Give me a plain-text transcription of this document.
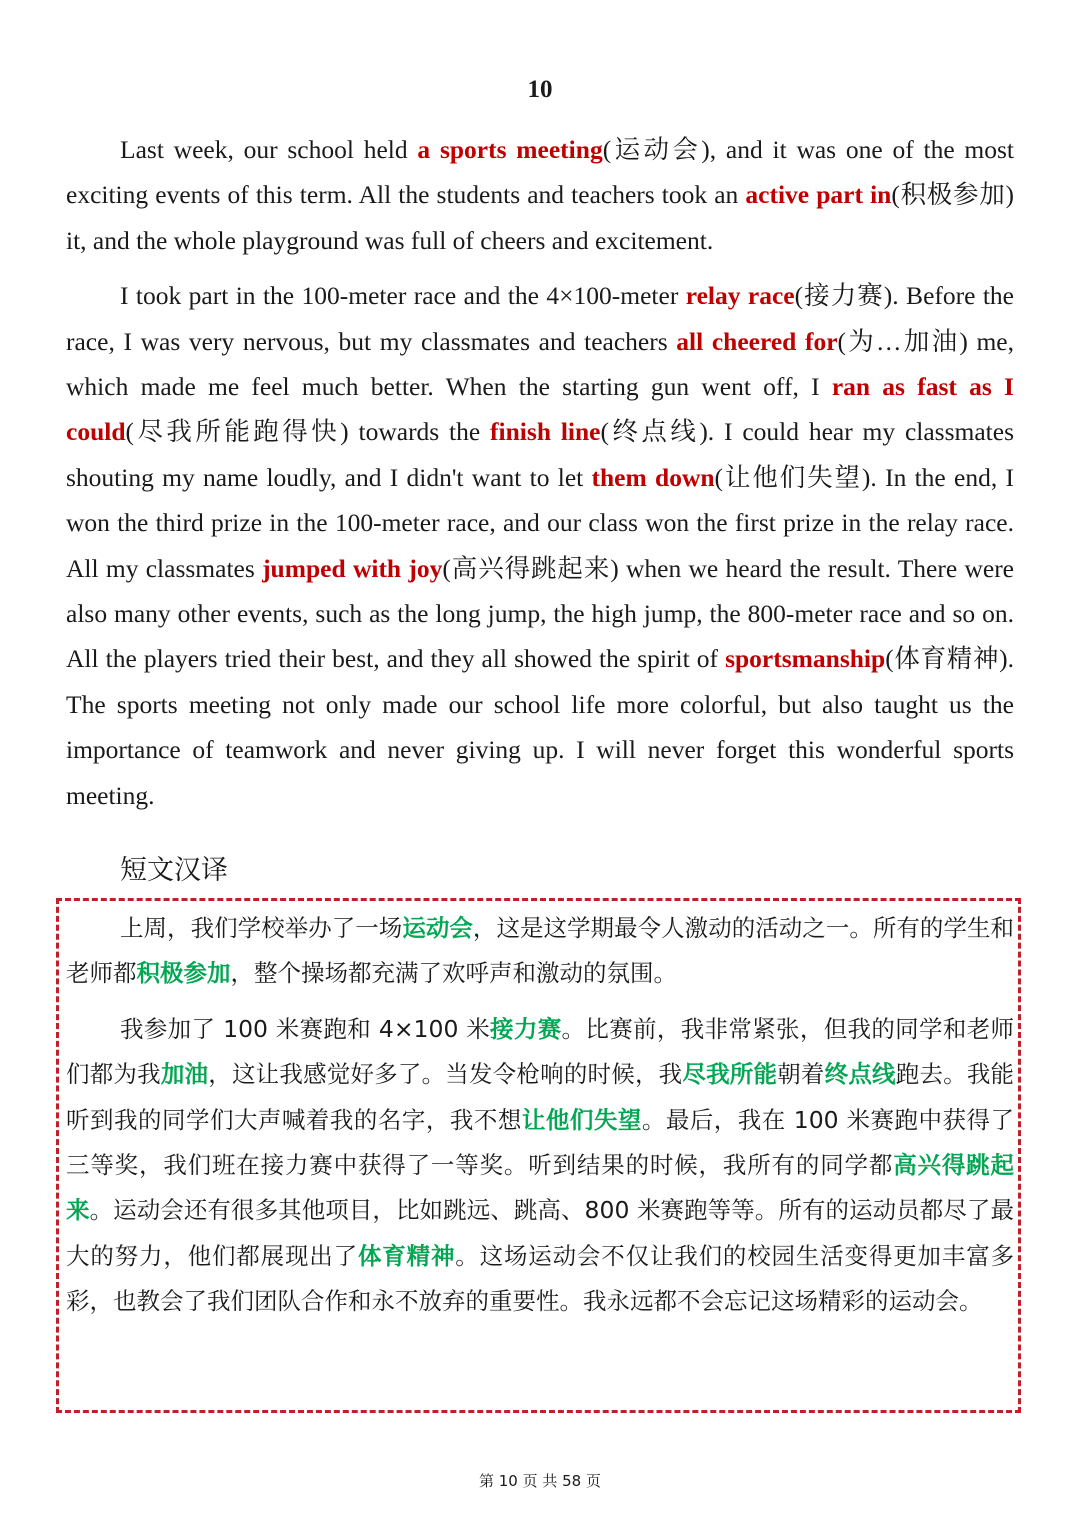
10

Last week, our school held a sports meeting(运动会), and it was one of the most exciting events of this term. All the students and teachers took an active part in(积极参加) it, and the whole playground was full of cheers and excitement.

I took part in the 100-meter race and the 4×100-meter relay race(接力赛). Before the race, I was very nervous, but my classmates and teachers all cheered for(为…加油) me, which made me feel much better. When the starting gun went off, I ran as fast as I could(尽我所能跑得快) towards the finish line(终点线). I could hear my classmates shouting my name loudly, and I didn't want to let them down(让他们失望). In the end, I won the third prize in the 100-meter race, and our class won the first prize in the relay race. All my classmates jumped with joy(高兴得跳起来) when we heard the result. There were also many other events, such as the long jump, the high jump, the 800-meter race and so on. All the players tried their best, and they all showed the spirit of sportsmanship(体育精神). The sports meeting not only made our school life more colorful, but also taught us the importance of teamwork and never giving up. I will never forget this wonderful sports meeting.

短文汉译

上周，我们学校举办了一场运动会，这是这学期最令人激动的活动之一。所有的学生和老师都积极参加，整个操场都充满了欢呼声和激动的氛围。

我参加了 100 米赛跑和 4×100 米接力赛。比赛前，我非常紧张，但我的同学和老师们都为我加油，这让我感觉好多了。当发令枪响的时候，我尽我所能朝着终点线跑去。我能听到我的同学们大声喊着我的名字，我不想让他们失望。最后，我在 100 米赛跑中获得了三等奖，我们班在接力赛中获得了一等奖。听到结果的时候，我所有的同学都高兴得跳起来。运动会还有很多其他项目，比如跳远、跳高、800 米赛跑等等。所有的运动员都尽了最大的努力，他们都展现出了体育精神。这场运动会不仅让我们的校园生活变得更加丰富多彩，也教会了我们团队合作和永不放弃的重要性。我永远都不会忘记这场精彩的运动会。

第 10 页 共 58 页
